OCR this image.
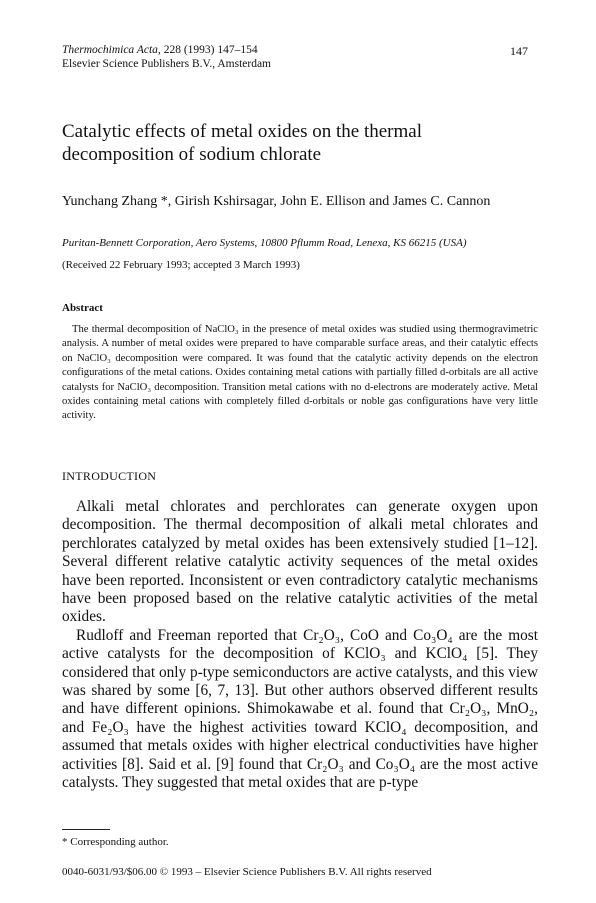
Thermochimica Acta, 228 (1993) 147–154
Elsevier Science Publishers B.V., Amsterdam
147
Catalytic effects of metal oxides on the thermal decomposition of sodium chlorate
Yunchang Zhang *, Girish Kshirsagar, John E. Ellison and James C. Cannon
Puritan-Bennett Corporation, Aero Systems, 10800 Pflumm Road, Lenexa, KS 66215 (USA)
(Received 22 February 1993; accepted 3 March 1993)
Abstract
The thermal decomposition of NaClO₃ in the presence of metal oxides was studied using thermogravimetric analysis. A number of metal oxides were prepared to have comparable surface areas, and their catalytic effects on NaClO₃ decomposition were compared. It was found that the catalytic activity depends on the electron configurations of the metal cations. Oxides containing metal cations with partially filled d-orbitals are all active catalysts for NaClO₃ decomposition. Transition metal cations with no d-electrons are moderately active. Metal oxides containing metal cations with completely filled d-orbitals or noble gas configurations have very little activity.
INTRODUCTION

Alkali metal chlorates and perchlorates can generate oxygen upon decomposition. The thermal decomposition of alkali metal chlorates and perchlorates catalyzed by metal oxides has been extensively studied [1–12]. Several different relative catalytic activity sequences of the metal oxides have been reported. Inconsistent or even contradictory catalytic mechanisms have been proposed based on the relative catalytic activities of the metal oxides.

Rudloff and Freeman reported that Cr₂O₃, CoO and Co₃O₄ are the most active catalysts for the decomposition of KClO₃ and KClO₄ [5]. They considered that only p-type semiconductors are active catalysts, and this view was shared by some [6, 7, 13]. But other authors observed different results and have different opinions. Shimokawabe et al. found that Cr₂O₃, MnO₂, and Fe₂O₃ have the highest activities toward KClO₄ decomposition, and assumed that metals oxides with higher electrical conductivities have higher activities [8]. Said et al. [9] found that Cr₂O₃ and Co₃O₄ are the most active catalysts. They suggested that metal oxides that are p-type

* Corresponding author.
0040-6031/93/$06.00 © 1993 – Elsevier Science Publishers B.V. All rights reserved
